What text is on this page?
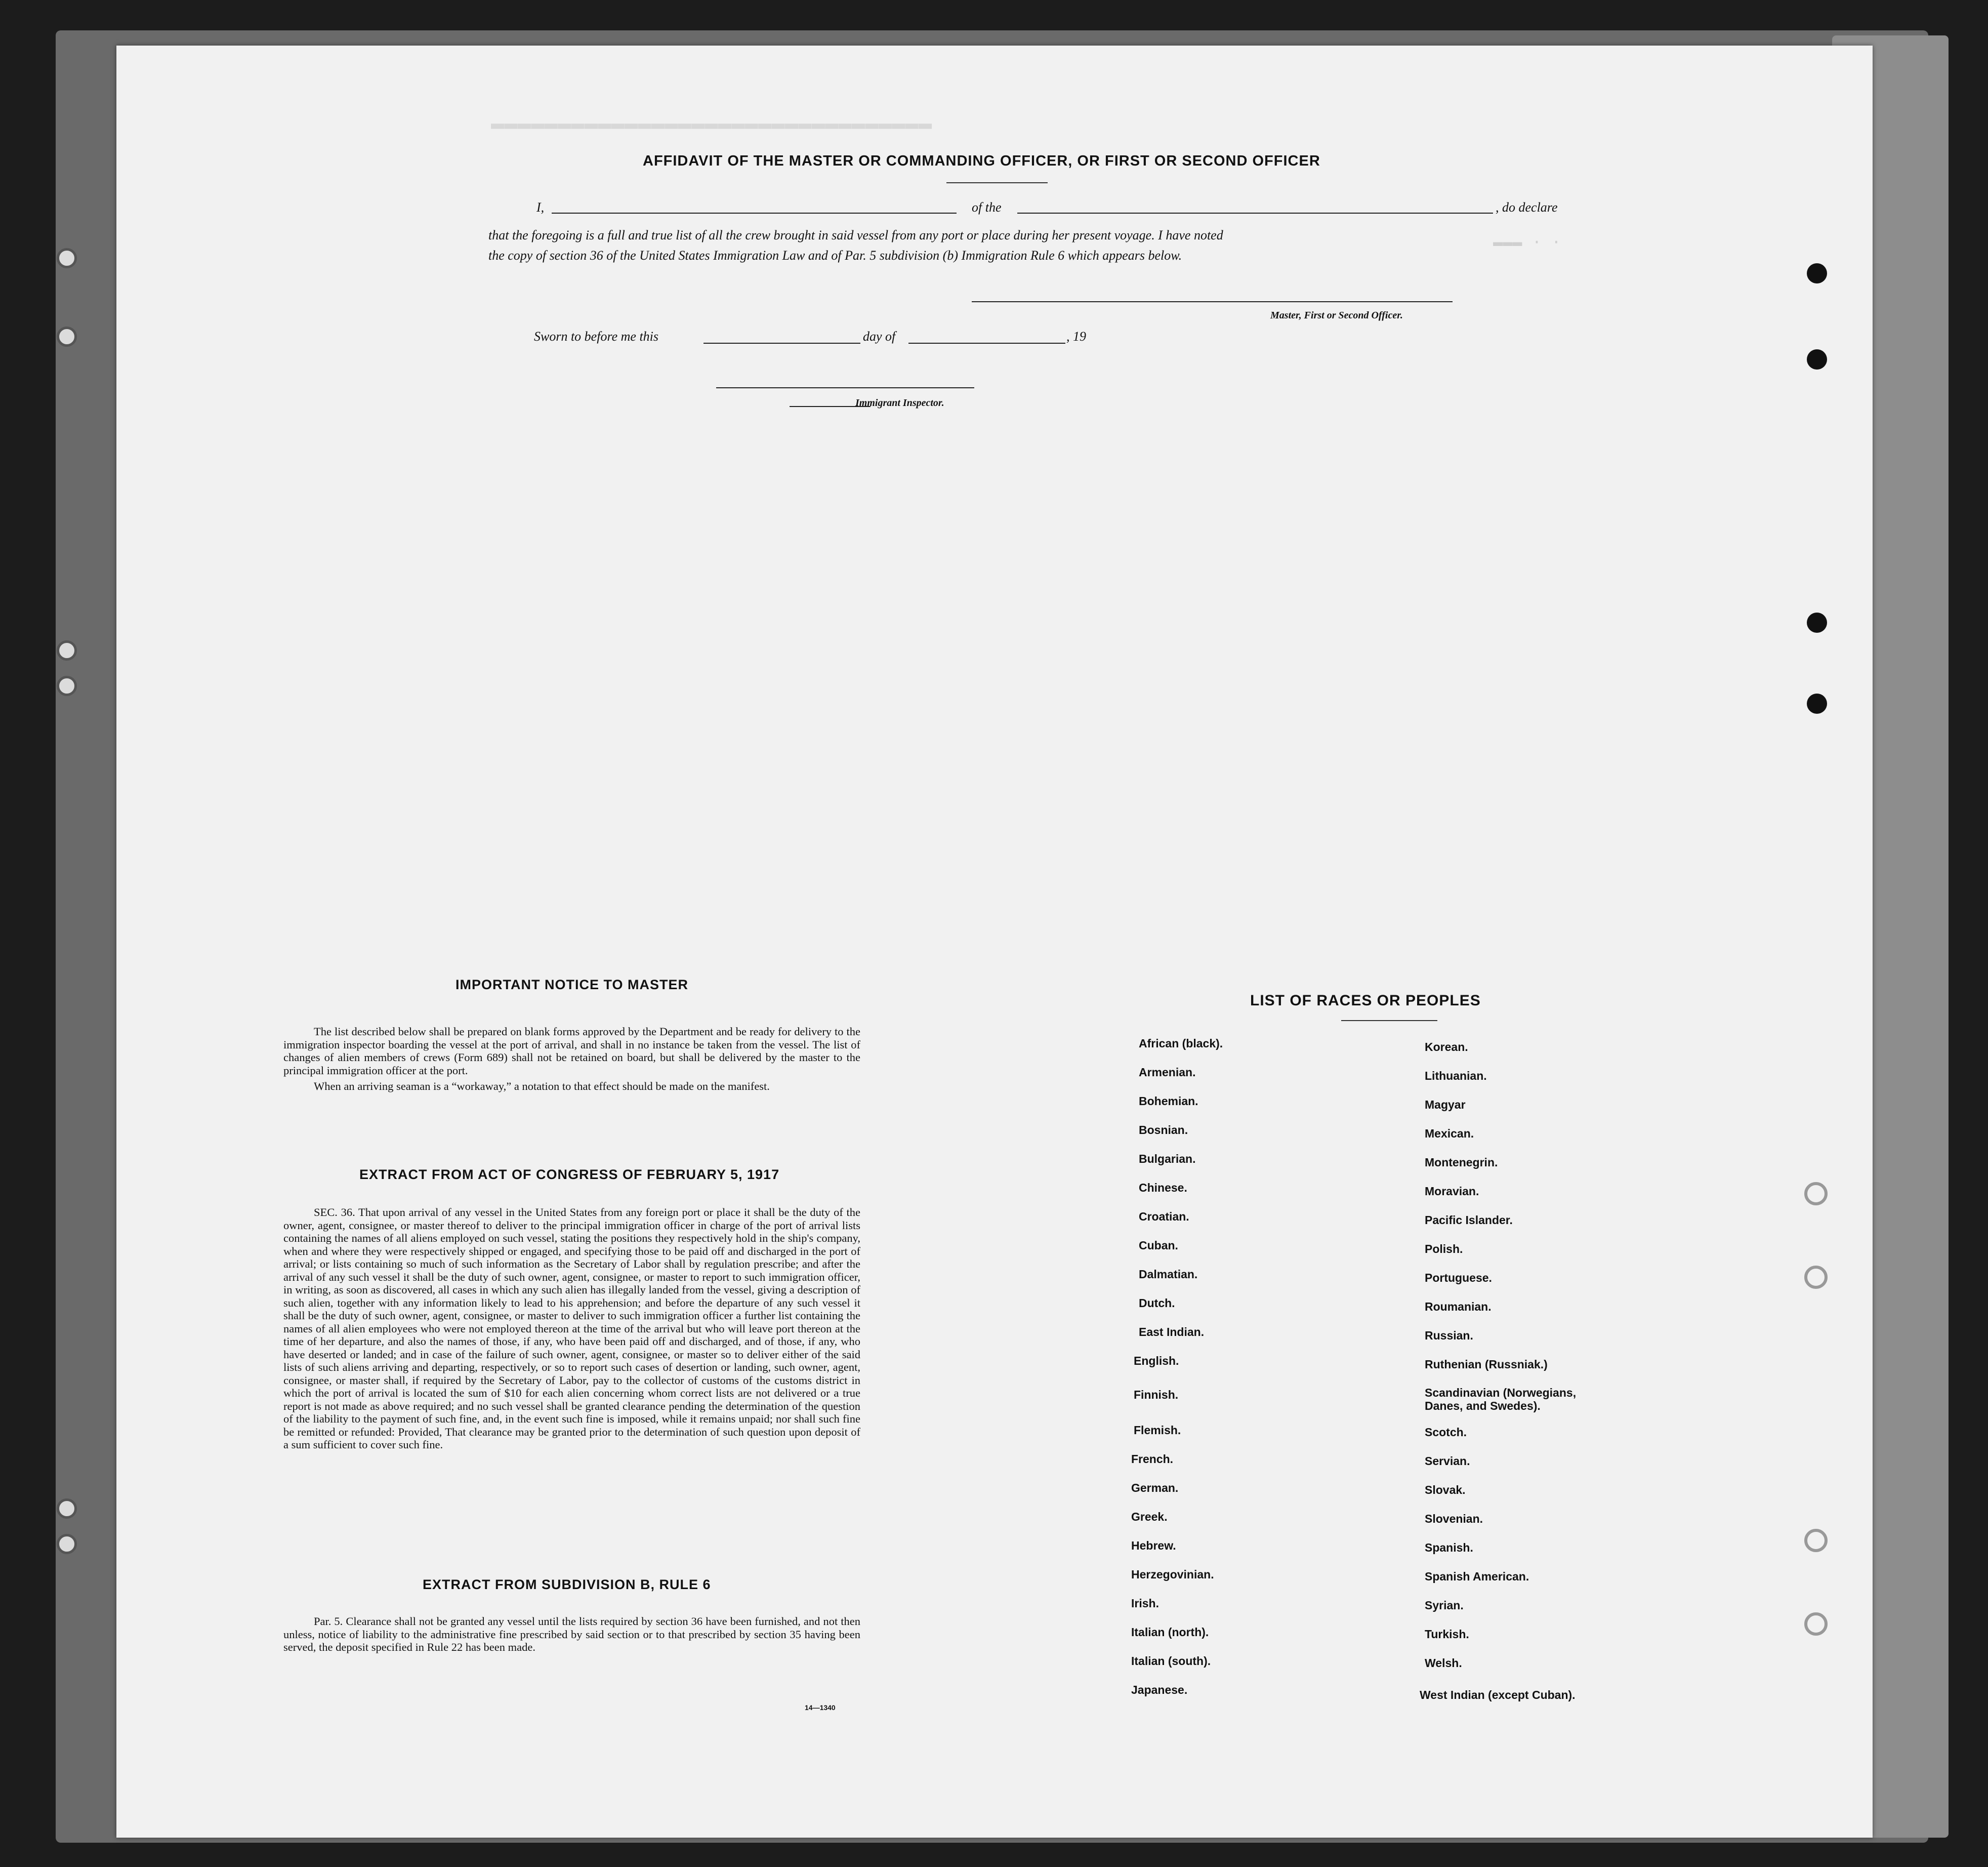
▬▬▬▬▬▬▬▬▬▬▬▬▬▬▬▬▬▬▬▬▬▬▬▬▬▬▬▬▬▬▬▬▬
▬▬▬ · ·
AFFIDAVIT OF THE MASTER OR COMMANDING OFFICER, OR FIRST OR SECOND OFFICER
I,	of the	, do declare
that the foregoing is a full and true list of all the crew brought in said vessel from any port or place during her present voyage. I have noted
the copy of section 36 of the United States Immigration Law and of Par. 5 subdivision (b) Immigration Rule 6 which appears below.
Master, First or Second Officer.
Sworn to before me this	day of	, 19
Immigrant Inspector.
IMPORTANT NOTICE TO MASTER

The list described below shall be prepared on blank forms approved by the Department and be ready for delivery to the immigration inspector boarding the vessel at the port of arrival, and shall in no instance be taken from the vessel. The list of changes of alien members of crews (Form 689) shall not be retained on board, but shall be delivered by the master to the principal immigration officer at the port.

When an arriving seaman is a “workaway,” a notation to that effect should be made on the manifest.

EXTRACT FROM ACT OF CONGRESS OF FEBRUARY 5, 1917

SEC. 36. That upon arrival of any vessel in the United States from any foreign port or place it shall be the duty of the owner, agent, consignee, or master thereof to deliver to the principal immigration officer in charge of the port of arrival lists containing the names of all aliens employed on such vessel, stating the positions they respectively hold in the ship's company, when and where they were respectively shipped or engaged, and specifying those to be paid off and discharged in the port of arrival; or lists containing so much of such information as the Secretary of Labor shall by regulation prescribe; and after the arrival of any such vessel it shall be the duty of such owner, agent, consignee, or master to report to such immigration officer, in writing, as soon as discovered, all cases in which any such alien has illegally landed from the vessel, giving a description of such alien, together with any information likely to lead to his apprehension; and before the departure of any such vessel it shall be the duty of such owner, agent, consignee, or master to deliver to such immigration officer a further list containing the names of all alien employees who were not employed thereon at the time of the arrival but who will leave port thereon at the time of her departure, and also the names of those, if any, who have been paid off and discharged, and of those, if any, who have deserted or landed; and in case of the failure of such owner, agent, consignee, or master so to deliver either of the said lists of such aliens arriving and departing, respectively, or so to report such cases of desertion or landing, such owner, agent, consignee, or master shall, if required by the Secretary of Labor, pay to the collector of customs of the customs district in which the port of arrival is located the sum of $10 for each alien concerning whom correct lists are not delivered or a true report is not made as above required; and no such vessel shall be granted clearance pending the determination of the question of the liability to the payment of such fine, and, in the event such fine is imposed, while it remains unpaid; nor shall such fine be remitted or refunded: Provided, That clearance may be granted prior to the determination of such question upon deposit of a sum sufficient to cover such fine.

EXTRACT FROM SUBDIVISION B, RULE 6

Par. 5. Clearance shall not be granted any vessel until the lists required by section 36 have been furnished, and not then unless, notice of liability to the administrative fine prescribed by said section or to that prescribed by section 35 having been served, the deposit specified in Rule 22 has been made.

14—1340
LIST OF RACES OR PEOPLES
African (black).
Armenian.
Bohemian.
Bosnian.
Bulgarian.
Chinese.
Croatian.
Cuban.
Dalmatian.
Dutch.
East Indian.
English.
Finnish.
Flemish.
French.
German.
Greek.
Hebrew.
Herzegovinian.
Irish.
Italian (north).
Italian (south).
Japanese.
Korean.
Lithuanian.
Magyar
Mexican.
Montenegrin.
Moravian.
Pacific Islander.
Polish.
Portuguese.
Roumanian.
Russian.
Ruthenian (Russniak.)
Scandinavian (Norwegians, Danes, and Swedes).
Scotch.
Servian.
Slovak.
Slovenian.
Spanish.
Spanish American.
Syrian.
Turkish.
Welsh.
West Indian (except Cuban).
